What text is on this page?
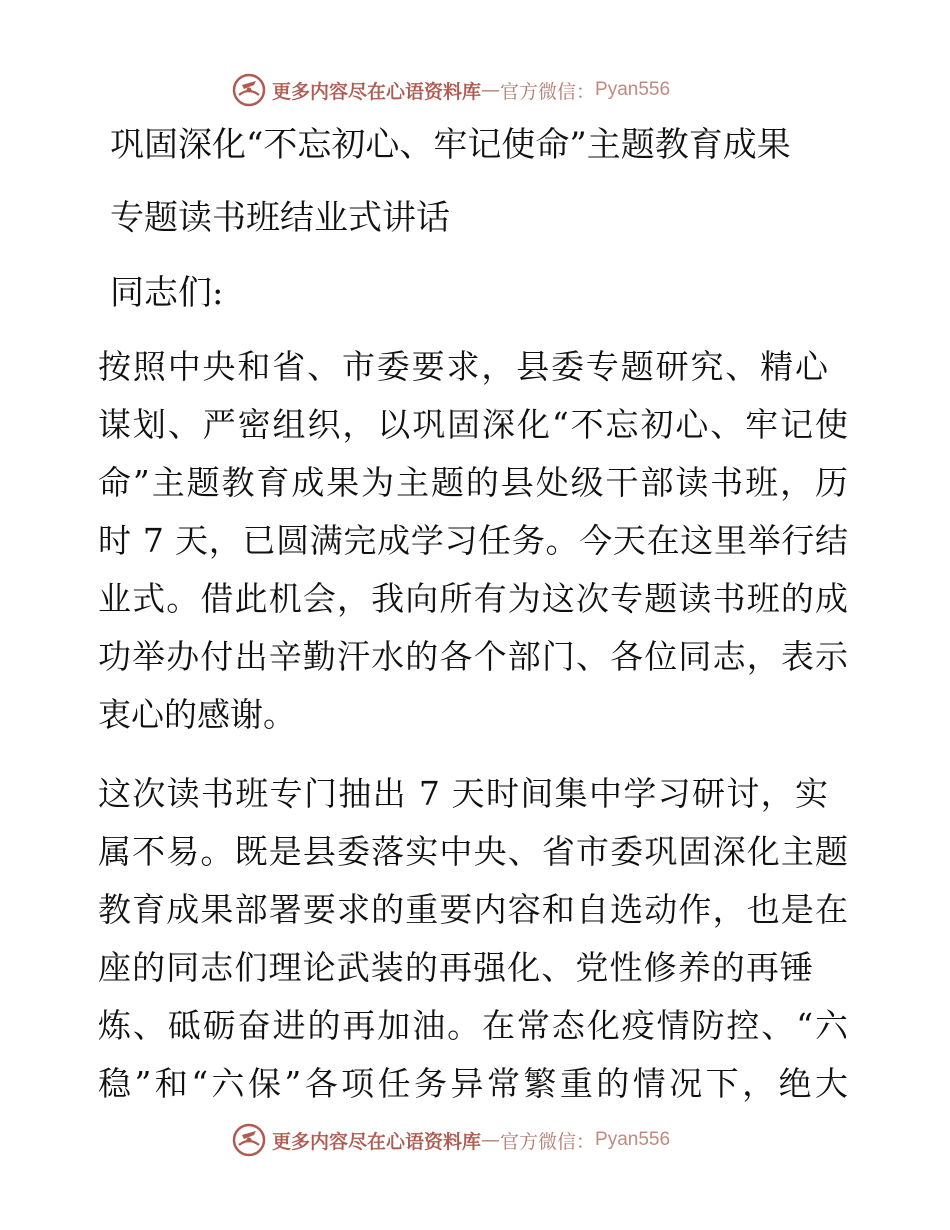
更多内容尽在心语资料库 — 官方微信： Pyan556
巩固深化“不忘初心、牢记使命”主题教育成果
专题读书班结业式讲话
同志们:
按照中央和省、市委要求，县委专题研究、精心
谋划、严密组织，以巩固深化“不忘初心、牢记使
命”主题教育成果为主题的县处级干部读书班，历
时 7 天，已圆满完成学习任务。今天在这里举行结
业式。借此机会，我向所有为这次专题读书班的成
功举办付出辛勤汗水的各个部门、各位同志，表示
衷心的感谢。
这次读书班专门抽出 7 天时间集中学习研讨，实
属不易。既是县委落实中央、省市委巩固深化主题
教育成果部署要求的重要内容和自选动作，也是在
座的同志们理论武装的再强化、党性修养的再锤
炼、砥砺奋进的再加油。在常态化疫情防控、“六
稳”和“六保”各项任务异常繁重的情况下，绝大
更多内容尽在心语资料库 — 官方微信： Pyan556
